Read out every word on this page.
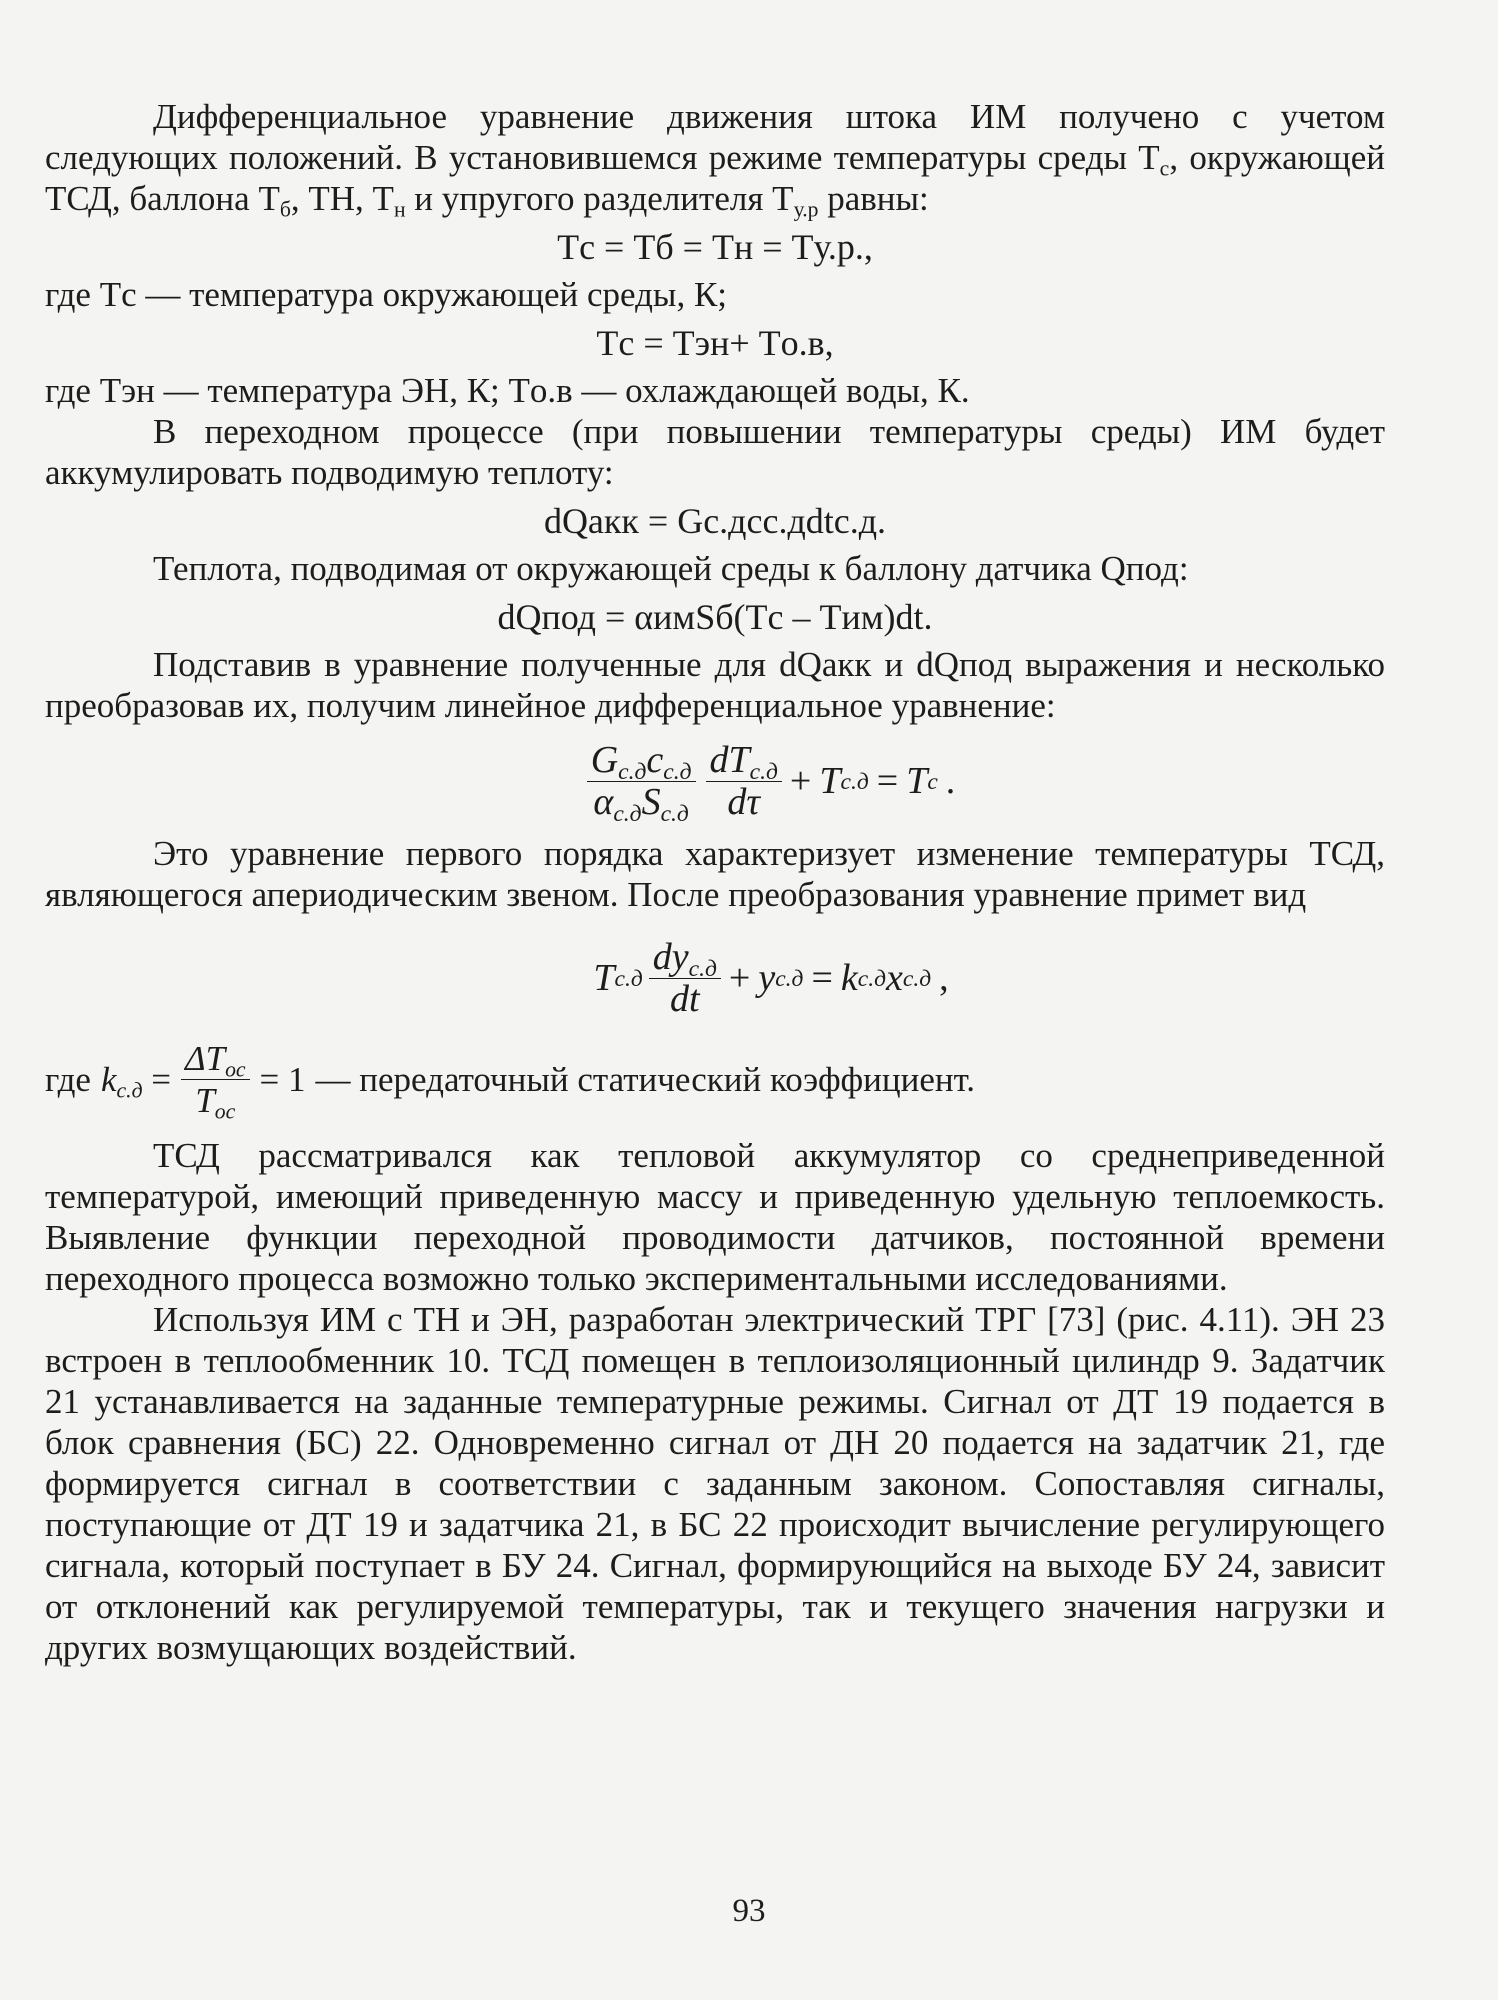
Дифференциальное уравнение движения штока ИМ получено с учетом следующих положений. В установившемся режиме температуры среды $T_с$, окружающей ТСД, баллона $T_б$, ТН, $T_н$ и упругого разделителя $T_{у.р}$ равны:

Tс = Tб = Tн = Tу.р.,

где Tс — температура окружающей среды, К;

Tс = Tэн+ Tо.в,

где Tэн — температура ЭН, К; Tо.в — охлаждающей воды, К.

В переходном процессе (при повышении температуры среды) ИМ будет аккумулировать подводимую теплоту:

dQакк = Gс.дcс.дdtс.д.

Теплота, подводимая от окружающей среды к баллону датчика Qпод:

dQпод = αимSб(Tс – Tим)dt.

Подставив в уравнение полученные для dQакк и dQпод выражения и несколько преобразовав их, получим линейное дифференциальное уравнение:

$\frac{G_{с.д}c_{с.д}}{\alpha_{с.д}S_{с.д}} \frac{dT_{с.д}}{d\tau} + T$ с.д = T с .

Это уравнение первого порядка характеризует изменение температуры ТСД, являющегося апериодическим звеном. После преобразования уравнение примет вид

T $с.д \frac{dy_{с.д}}{dt} + y$ с.д = k с.д x с.д ,
где $k_{с.д} = \frac{\Delta T_{ос}}{T_{ос}} = 1$ — передаточный статический коэффициент.

ТСД рассматривался как тепловой аккумулятор со среднеприведенной температурой, имеющий приведенную массу и приведенную удельную теплоемкость. Выявление функции переходной проводимости датчиков, постоянной времени переходного процесса возможно только экспериментальными исследованиями.

Используя ИМ с ТН и ЭН, разработан электрический ТРГ [73] (рис. 4.11). ЭН 23 встроен в теплообменник 10. ТСД помещен в теплоизоляционный цилиндр 9. Задатчик 21 устанавливается на заданные температурные режимы. Сигнал от ДТ 19 подается в блок сравнения (БС) 22. Одновременно сигнал от ДН 20 подается на задатчик 21, где формируется сигнал в соответствии с заданным законом. Сопоставляя сигналы, поступающие от ДТ 19 и задатчика 21, в БС 22 происходит вычисление регулирующего сигнала, который поступает в БУ 24. Сигнал, формирующийся на выходе БУ 24, зависит от отклонений как регулируемой температуры, так и текущего значения нагрузки и других возмущающих воздействий.

93
